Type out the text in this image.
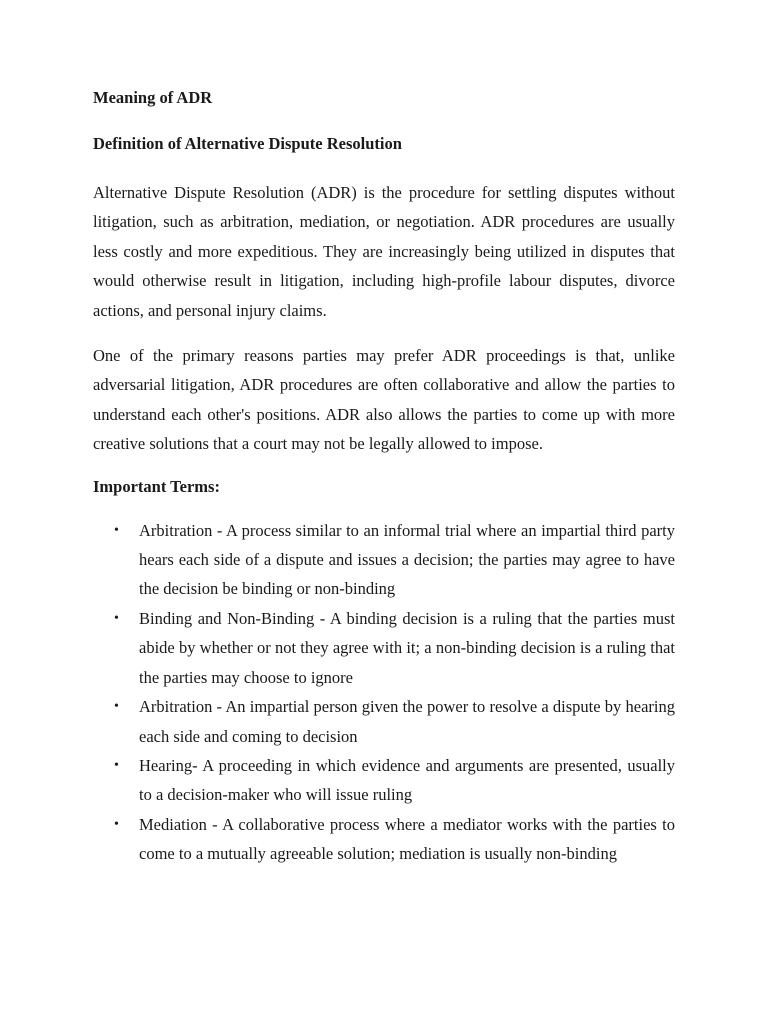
Meaning of ADR

Definition of Alternative Dispute Resolution

Alternative Dispute Resolution (ADR) is the procedure for settling disputes without litigation, such as arbitration, mediation, or negotiation. ADR procedures are usually less costly and more expeditious. They are increasingly being utilized in disputes that would otherwise result in litigation, including high-profile labour disputes, divorce actions, and personal injury claims.

One of the primary reasons parties may prefer ADR proceedings is that, unlike adversarial litigation, ADR procedures are often collaborative and allow the parties to understand each other's positions. ADR also allows the parties to come up with more creative solutions that a court may not be legally allowed to impose.

Important Terms:

• Arbitration - A process similar to an informal trial where an impartial third party hears each side of a dispute and issues a decision; the parties may agree to have the decision be binding or non-binding
• Binding and Non-Binding - A binding decision is a ruling that the parties must abide by whether or not they agree with it; a non-binding decision is a ruling that the parties may choose to ignore
• Arbitration - An impartial person given the power to resolve a dispute by hearing each side and coming to decision
• Hearing- A proceeding in which evidence and arguments are presented, usually to a decision-maker who will issue ruling
• Mediation - A collaborative process where a mediator works with the parties to come to a mutually agreeable solution; mediation is usually non-binding
